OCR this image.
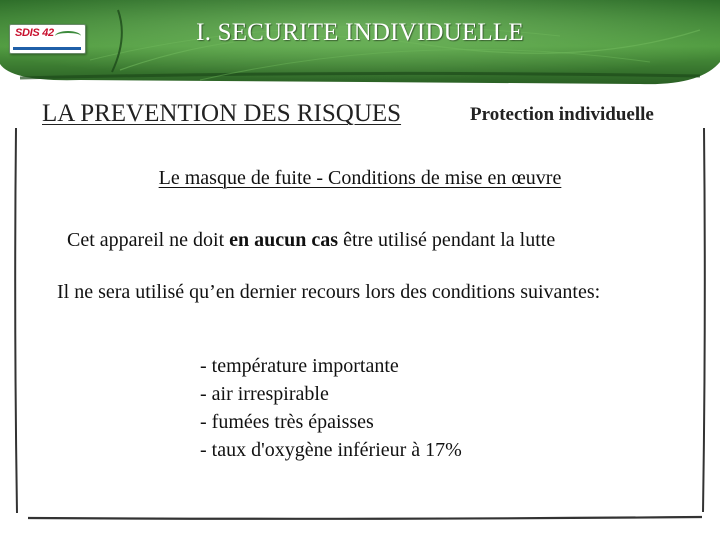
SDIS 42	I. SECURITE INDIVIDUELLE
LA PREVENTION DES RISQUES	Protection individuelle
Le masque de fuite - Conditions de mise en œuvre
Cet appareil ne doit en aucun cas être utilisé pendant la lutte
Il ne sera utilisé qu’en dernier recours lors des conditions suivantes:
- température importante
- air irrespirable
- fumées très épaisses
- taux d'oxygène inférieur à 17%
